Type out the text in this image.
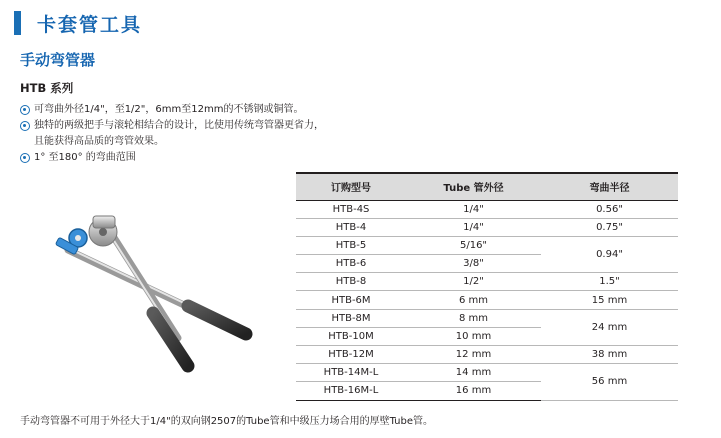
卡套管工具
手动弯管器
HTB 系列
可弯曲外径1/4"，至1/2"，6mm至12mm的不锈钢或铜管。
独特的两级把手与滚轮相结合的设计，比使用传统弯管器更省力，
且能获得高品质的弯管效果。
1° 至180° 的弯曲范围
订购型号	Tube 管外径	弯曲半径
HTB-4S	1/4"	0.56"
HTB-4	1/4"	0.75"
HTB-5	5/16"	0.94"
HTB-6	3/8"	
HTB-8	1/2"	1.5"
HTB-6M	6 mm	15 mm
HTB-8M	8 mm	24 mm
HTB-10M	10 mm	
HTB-12M	12 mm	38 mm
HTB-14M-L	14 mm	56 mm
HTB-16M-L	16 mm	
手动弯管器不可用于外径大于1/4"的双向钢2507的Tube管和中级压力场合用的厚壁Tube管。
